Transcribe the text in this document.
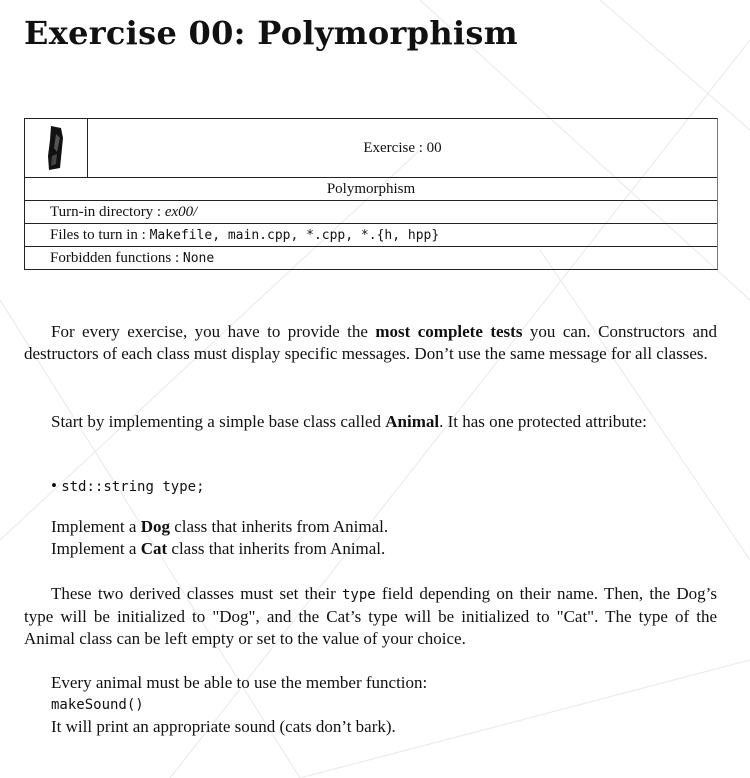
Exercise 00: Polymorphism
Exercise : 00
Polymorphism
Turn-in directory : ex00/
Files to turn in : Makefile, main.cpp, *.cpp, *.{h, hpp}
Forbidden functions : None

For every exercise, you have to provide the most complete tests you can. Constructors and destructors of each class must display specific messages. Don’t use the same message for all classes.

Start by implementing a simple base class called Animal. It has one protected attribute:

• std::string type;
Implement a Dog class that inherits from Animal.
Implement a Cat class that inherits from Animal.

These two derived classes must set their type field depending on their name. Then, the Dog’s type will be initialized to "Dog", and the Cat’s type will be initialized to "Cat". The type of the Animal class can be left empty or set to the value of your choice.

Every animal must be able to use the member function:
makeSound()
It will print an appropriate sound (cats don’t bark).
